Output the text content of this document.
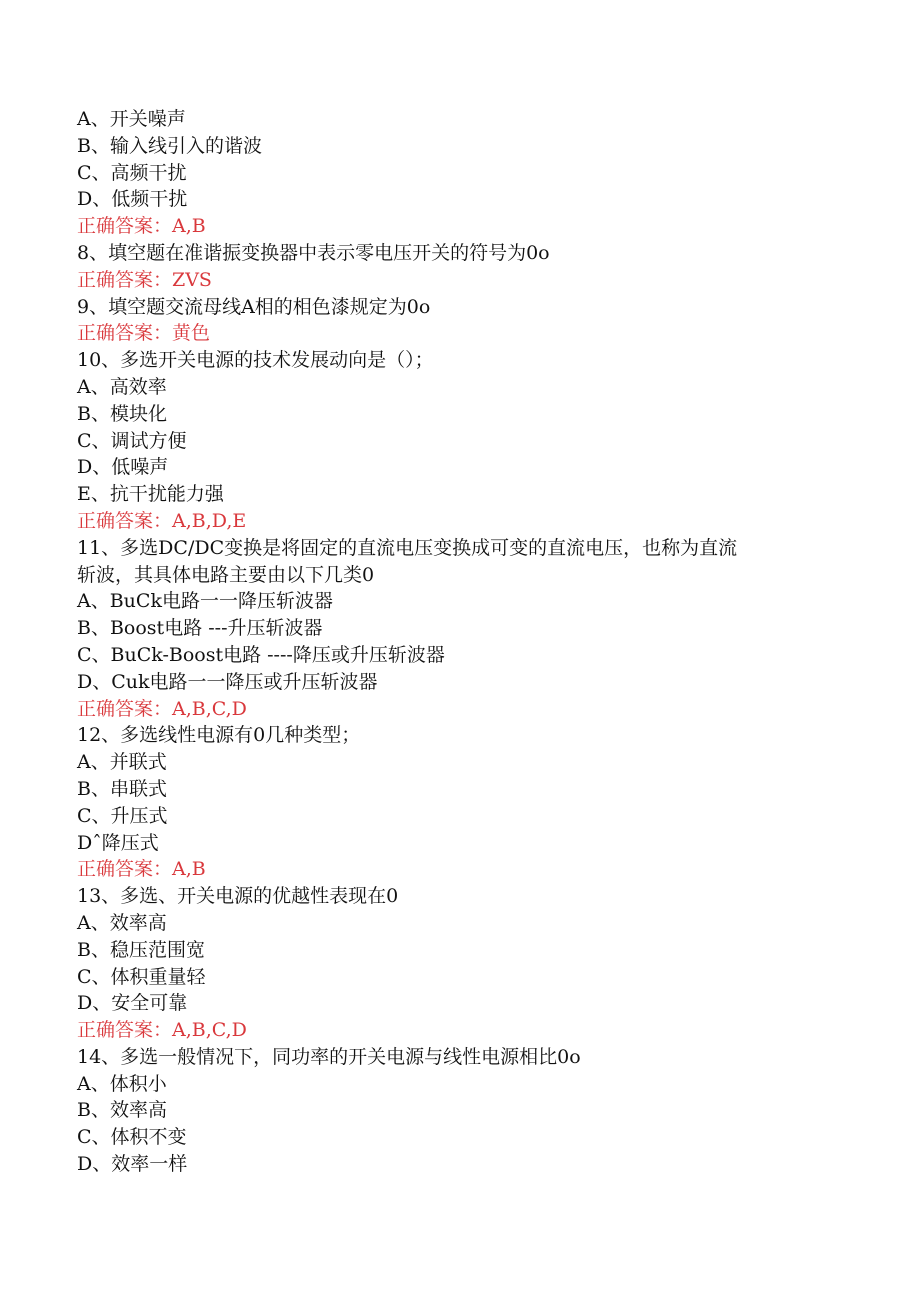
A、开关噪声
B、输入线引入的谐波
C、高频干扰
D、低频干扰
正确答案：A,B
8、填空题在准谐振变换器中表示零电压开关的符号为0o
正确答案：ZVS
9、填空题交流母线A相的相色漆规定为0o
正确答案：黄色
10、多选开关电源的技术发展动向是（）；
A、高效率
B、模块化
C、调试方便
D、低噪声
E、抗干扰能力强
正确答案：A,B,D,E
11、多选DC/DC变换是将固定的直流电压变换成可变的直流电压，也称为直流
斩波，其具体电路主要由以下几类0
A、BuCk电路一一降压斩波器
B、Boost电路 ---升压斩波器
C、BuCk-Boost电路 ----降压或升压斩波器
D、Cuk电路一一降压或升压斩波器
正确答案：A,B,C,D
12、多选线性电源有0几种类型；
A、并联式
B、串联式
C、升压式
Dˆ降压式
正确答案：A,B
13、多选、开关电源的优越性表现在0
A、效率高
B、稳压范围宽
C、体积重量轻
D、安全可靠
正确答案：A,B,C,D
14、多选一般情况下，同功率的开关电源与线性电源相比0o
A、体积小
B、效率高
C、体积不变
D、效率一样
